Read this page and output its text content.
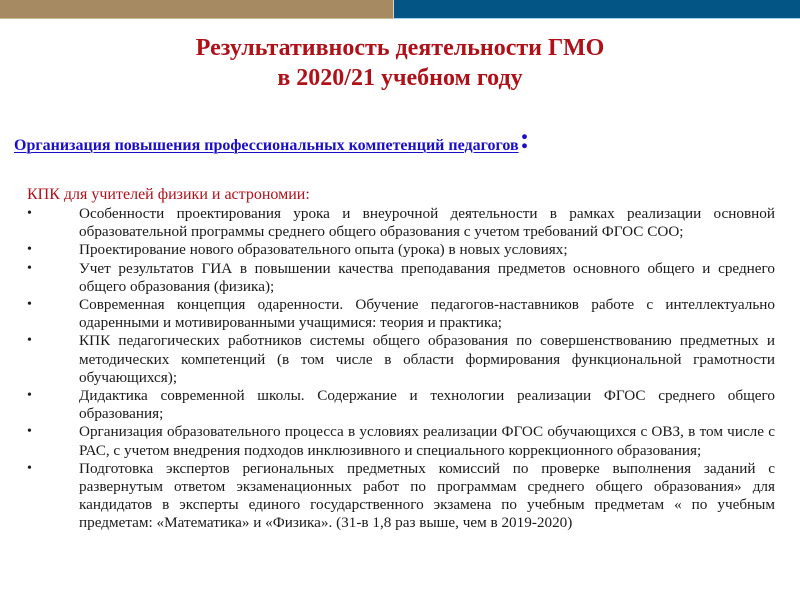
Результативность деятельности ГМО
в 2020/21 учебном году
Организация повышения профессиональных компетенций педагогов:
КПК для учителей физики и астрономии:
•	Особенности проектирования урока и внеурочной деятельности в рамках реализации основной образовательной программы среднего общего образования с учетом требований ФГОС СОО;
•	Проектирование нового образовательного опыта (урока) в новых условиях;
•	Учет результатов ГИА в повышении качества преподавания предметов основного общего и среднего общего образования (физика);
•	Современная концепция одаренности. Обучение педагогов-наставников работе с интеллектуально одаренными и мотивированными учащимися: теория и практика;
•	КПК педагогических работников системы общего образования по совершенствованию предметных и методических компетенций (в том числе в области формирования функциональной грамотности обучающихся);
•	Дидактика современной школы. Содержание и технологии реализации ФГОС среднего общего образования;
•	Организация образовательного процесса в условиях реализации ФГОС обучающихся с ОВЗ, в том числе с РАС, с учетом внедрения подходов инклюзивного и специального коррекционного образования;
•	Подготовка экспертов региональных предметных комиссий по проверке выполнения заданий с развернутым ответом экзаменационных работ по программам среднего общего образования» для кандидатов в эксперты единого государственного экзамена по учебным предметам « по учебным предметам: «Математика» и «Физика». (31-в 1,8 раз выше, чем в 2019-2020)
